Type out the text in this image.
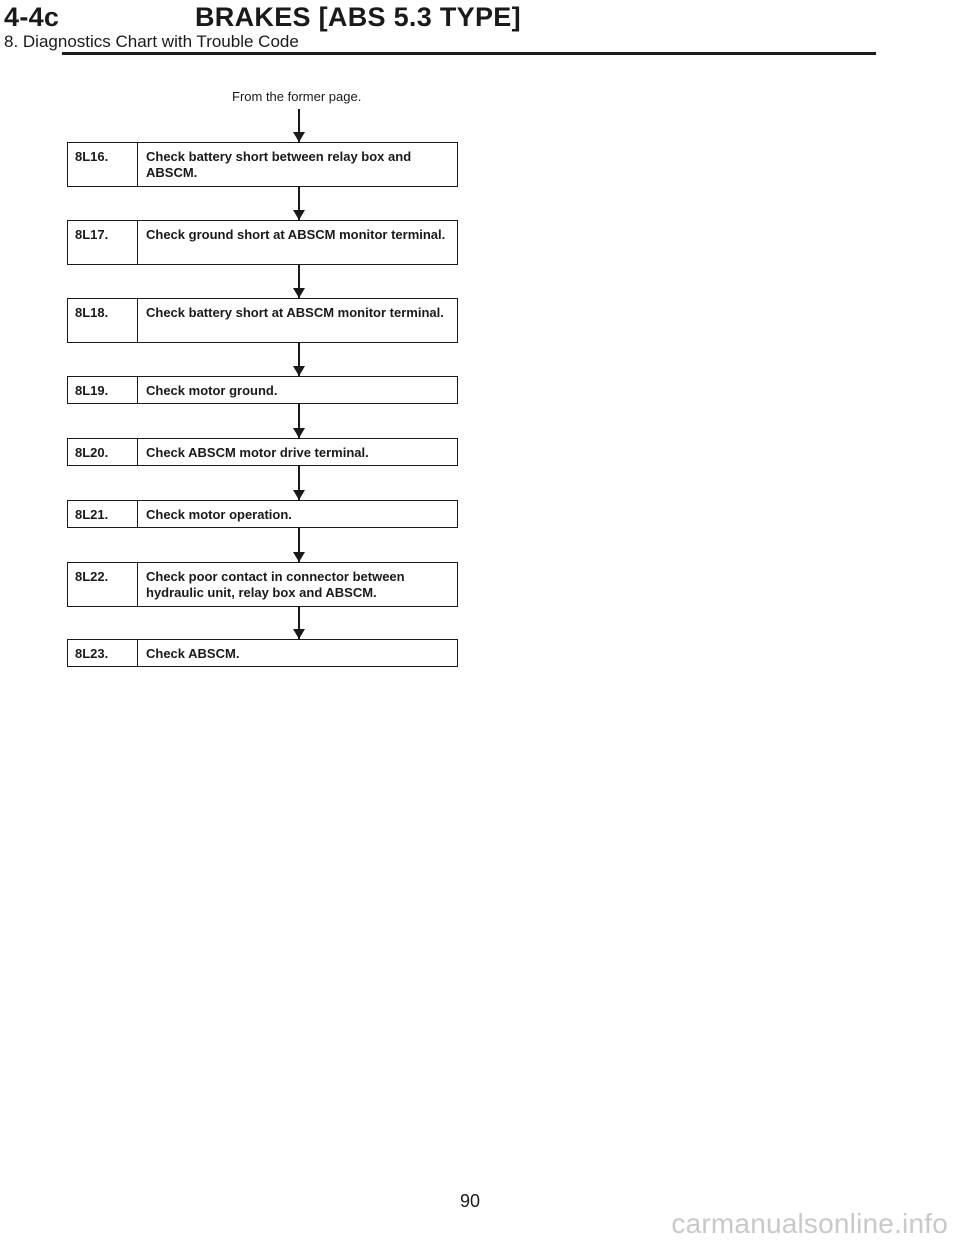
4-4c	BRAKES [ABS 5.3 TYPE]
8. Diagnostics Chart with Trouble Code
From the former page.
8L16.	Check battery short between relay box and ABSCM.
8L17.	Check ground short at ABSCM monitor terminal.
8L18.	Check battery short at ABSCM monitor terminal.
8L19.	Check motor ground.
8L20.	Check ABSCM motor drive terminal.
8L21.	Check motor operation.
8L22.	Check poor contact in connector between hydraulic unit, relay box and ABSCM.
8L23.	Check ABSCM.
90
carmanualsonline.info
